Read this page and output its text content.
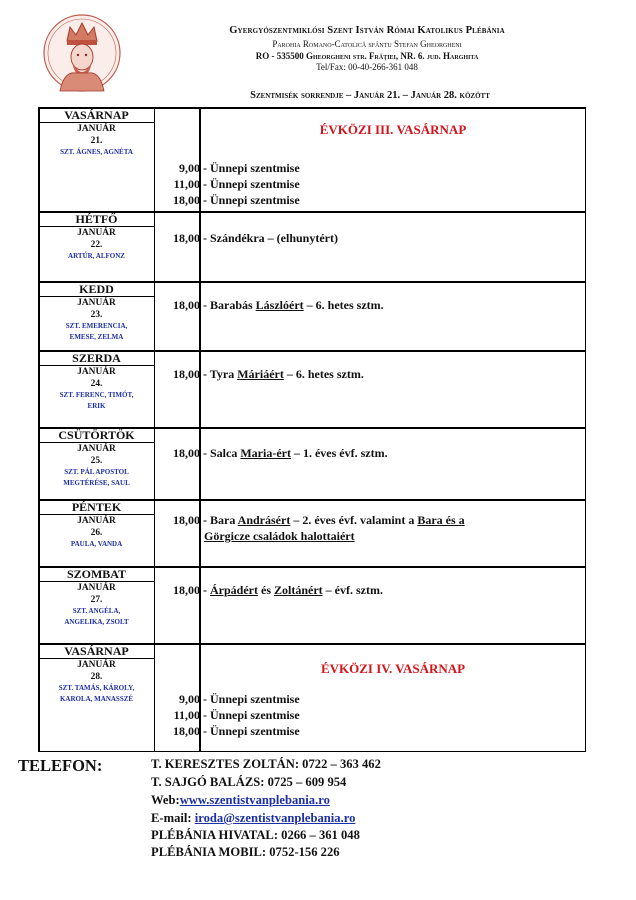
Gyergyószentmiklósi Szent István Római Katolikus Plébánia
Parohia Romano-Catolică sfântu Stefan Gheorgheni
RO - 535500 Gheorgheni str. Frăţiei, NR. 6. jud. Harghita
Tel/Fax: 00-40-266-361 048
Szentmisék sorrendje – Január 21. – Január 28. között
VASÁRNAP
JANUÁR
21.
SZT. ÁGNES, AGNÉTA
ÉVKÖZI III. VASÁRNAP
9,00 - Ünnepi szentmise
11,00 - Ünnepi szentmise
18,00 - Ünnepi szentmise
HÉTFŐ
JANUÁR
22.
ARTÚR, ALFONZ
18,00 - Szándékra – (elhunytért)
KEDD
JANUÁR
23.
SZT. EMERENCIA,
EMESE, ZELMA
18,00 - Barabás Lászlóért – 6. hetes sztm.
SZERDA
JANUÁR
24.
SZT. FERENC, TIMÓT,
ERIK
18,00 - Tyra Máriáért – 6. hetes sztm.
CSÜTÖRTÖK
JANUÁR
25.
SZT. PÁL APOSTOL
MEGTÉRÉSE, SAUL
18,00 - Salca Maria-ért – 1. éves évf. sztm.
PÉNTEK
JANUÁR
26.
PAULA, VANDA
18,00 - Bara Andrásért – 2. éves évf. valamint a Bara és a
Görgicze családok halottaiért
SZOMBAT
JANUÁR
27.
SZT. ANGÉLA,
ANGELIKA, ZSOLT
18,00 - Árpádért és Zoltánért – évf. sztm.
VASÁRNAP
JANUÁR
28.
SZT. TAMÁS, KÁROLY,
KAROLA, MANASSZÉ
ÉVKÖZI IV. VASÁRNAP
9,00 - Ünnepi szentmise
11,00 - Ünnepi szentmise
18,00 - Ünnepi szentmise
TELEFON:	T. KERESZTES ZOLTÁN: 0722 – 363 462
T. SAJGÓ BALÁZS: 0725 – 609 954
Web:www.szentistvanplebania.ro
E-mail: iroda@szentistvanplebania.ro
PLÉBÁNIA HIVATAL: 0266 – 361 048
PLÉBÁNIA MOBIL: 0752-156 226
